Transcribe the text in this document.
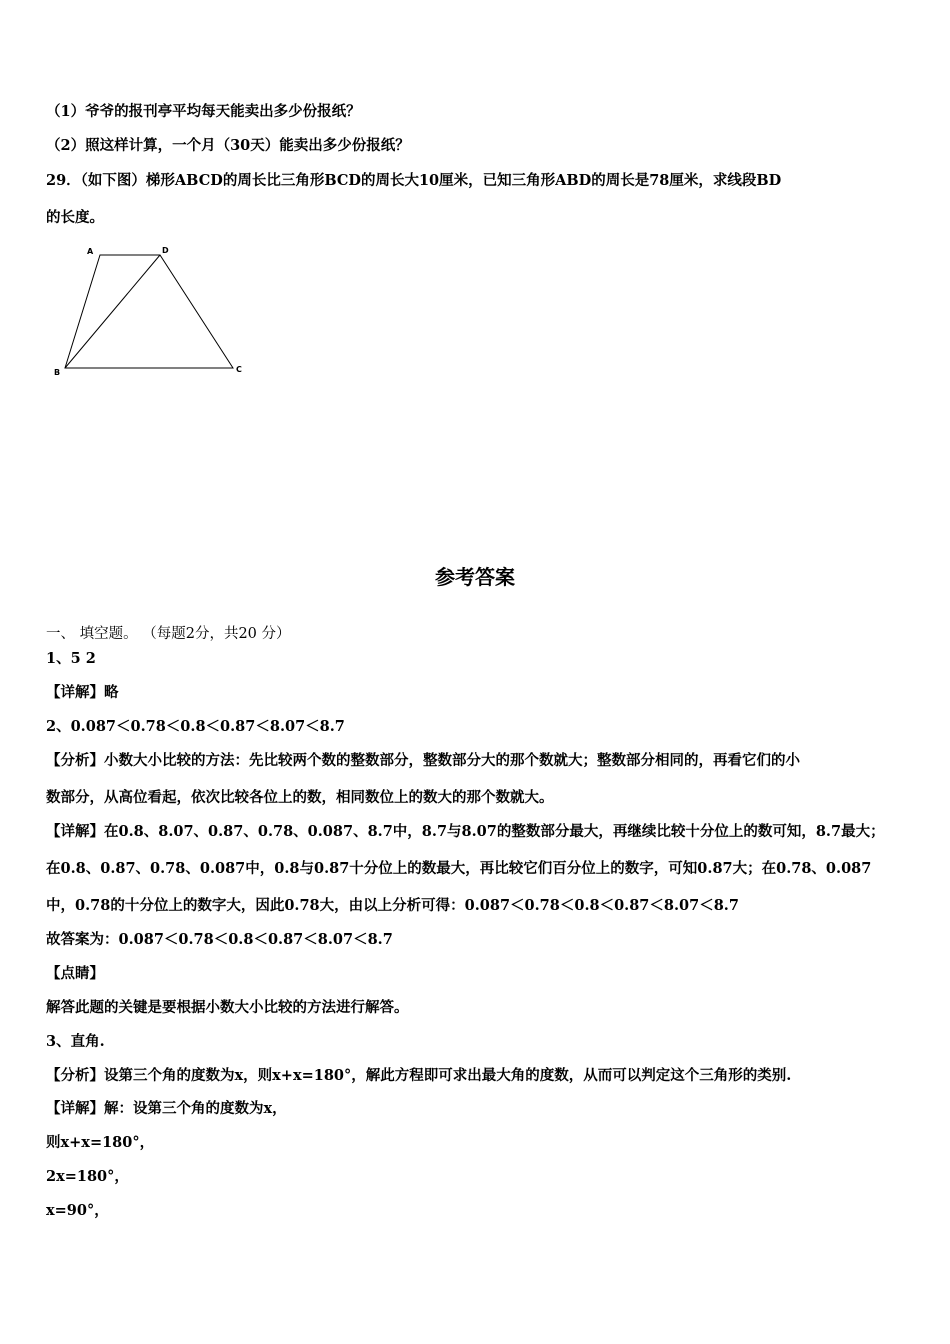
（1）爷爷的报刊亭平均每天能卖出多少份报纸？
（2）照这样计算，一个月（30天）能卖出多少份报纸？
29．（如下图）梯形ABCD的周长比三角形BCD的周长大10厘米，已知三角形ABD的周长是78厘米，求线段BD
的长度。
A	D
B	C
参考答案
一、 填空题。 （每题2分，共20 分）
1、5 2
【详解】略
2、0.087＜0.78＜0.8＜0.87＜8.07＜8.7
【分析】小数大小比较的方法：先比较两个数的整数部分，整数部分大的那个数就大；整数部分相同的，再看它们的小
数部分，从高位看起，依次比较各位上的数，相同数位上的数大的那个数就大。
【详解】在0.8、8.07、0.87、0.78、0.087、8.7中，8.7与8.07的整数部分最大，再继续比较十分位上的数可知，8.7最大；
在0.8、0.87、0.78、0.087中，0.8与0.87十分位上的数最大，再比较它们百分位上的数字，可知0.87大；在0.78、0.087
中，0.78的十分位上的数字大，因此0.78大，由以上分析可得：0.087＜0.78＜0.8＜0.87＜8.07＜8.7
故答案为：0.087＜0.78＜0.8＜0.87＜8.07＜8.7
【点睛】
解答此题的关键是要根据小数大小比较的方法进行解答。
3、直角.
【分析】设第三个角的度数为x，则x+x=180°，解此方程即可求出最大角的度数，从而可以判定这个三角形的类别.
【详解】解：设第三个角的度数为x，
则x+x=180°，
2x=180°，
x=90°，
